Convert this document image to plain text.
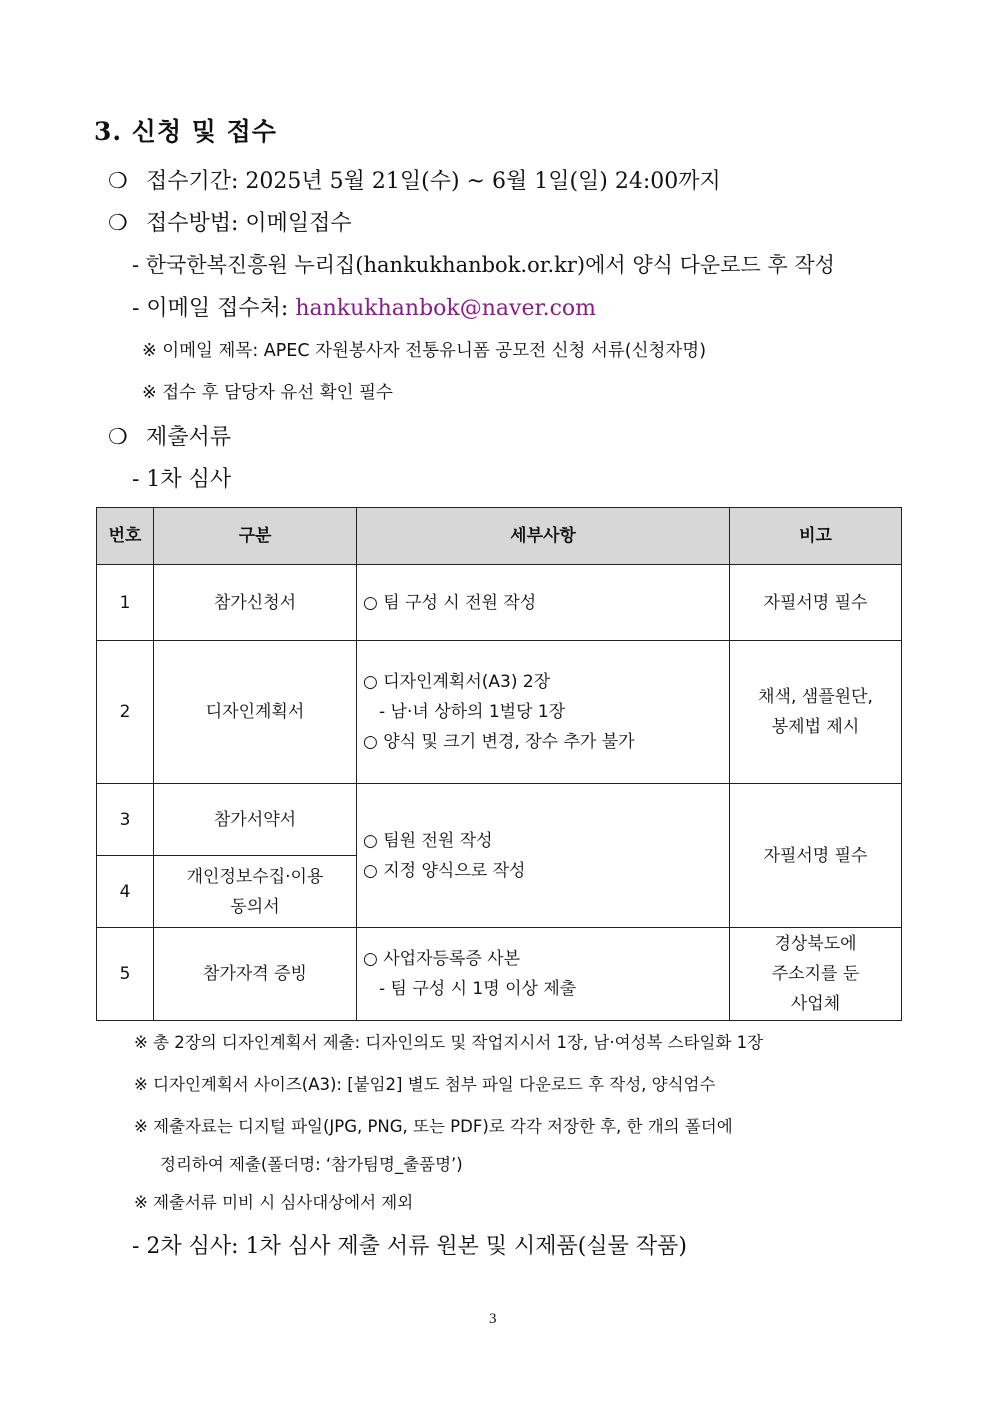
3. 신청 및 접수
❍ 접수기간: 2025년 5월 21일(수) ~ 6월 1일(일) 24:00까지
❍ 접수방법: 이메일접수
- 한국한복진흥원 누리집(hankukhanbok.or.kr)에서 양식 다운로드 후 작성
- 이메일 접수처: hankukhanbok@naver.com
※ 이메일 제목: APEC 자원봉사자 전통유니폼 공모전 신청 서류(신청자명)
※ 접수 후 담당자 유선 확인 필수
❍ 제출서류
- 1차 심사
번호	구분	세부사항	비고
1	참가신청서	○ 팀 구성 시 전원 작성	자필서명 필수
2	디자인계획서	○ 디자인계획서(A3) 2장
- 남·녀 상하의 1벌당 1장
○ 양식 및 크기 변경, 장수 추가 불가	채색, 샘플원단,
봉제법 제시

3	참가서약서	○ 팀원 전원 작성
○ 지정 양식으로 작성	자필서명 필수
4	개인정보수집·이용
동의서		

5	참가자격 증빙	○ 사업자등록증 사본
- 팀 구성 시 1명 이상 제출	경상북도에
주소지를 둔
사업체
※ 총 2장의 디자인계획서 제출: 디자인의도 및 작업지시서 1장, 남·여성복 스타일화 1장
※ 디자인계획서 사이즈(A3): [붙임2] 별도 첨부 파일 다운로드 후 작성, 양식엄수
※ 제출자료는 디지털 파일(JPG, PNG, 또는 PDF)로 각각 저장한 후, 한 개의 폴더에
정리하여 제출(폴더명: ‘참가팀명_출품명’)
※ 제출서류 미비 시 심사대상에서 제외
- 2차 심사: 1차 심사 제출 서류 원본 및 시제품(실물 작품)
3
